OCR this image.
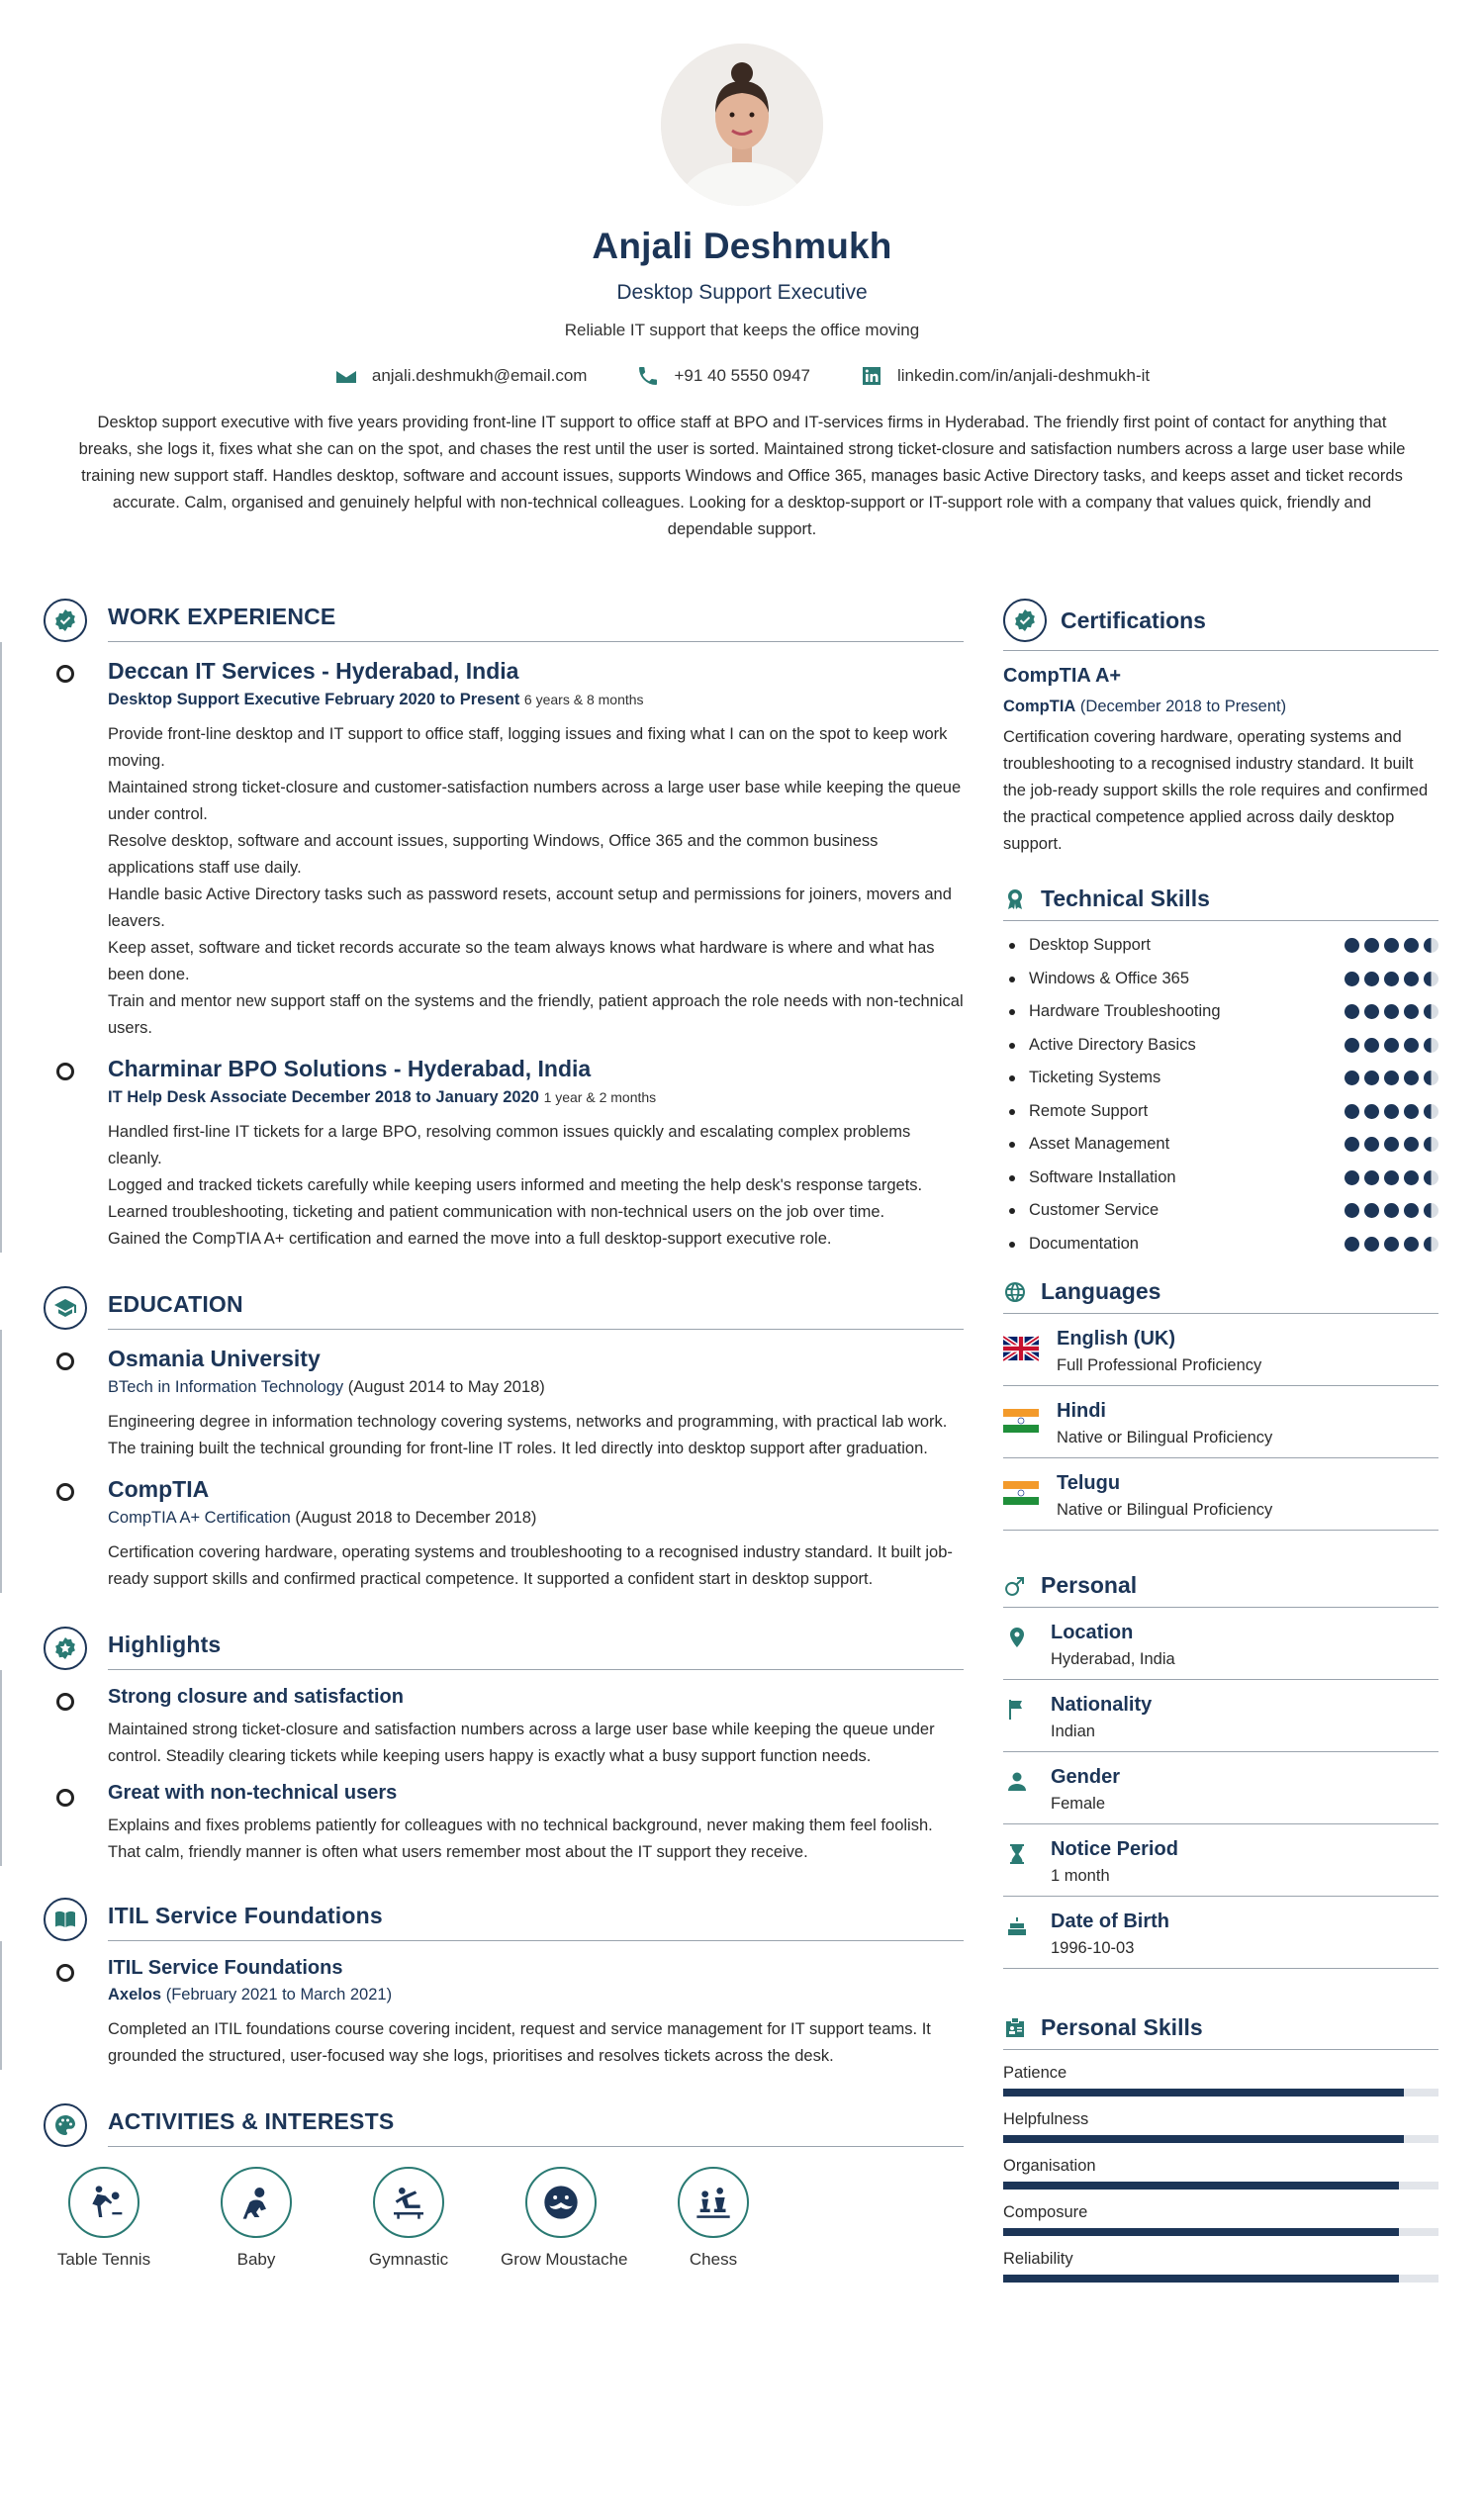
Anjali Deshmukh
Desktop Support Executive
Reliable IT support that keeps the office moving
anjali.deshmukh@email.com	+91 40 5550 0947	linkedin.com/in/anjali-deshmukh-it
Desktop support executive with five years providing front-line IT support to office staff at BPO and IT-services firms in Hyderabad. The friendly first point of contact for anything that breaks, she logs it, fixes what she can on the spot, and chases the rest until the user is sorted. Maintained strong ticket-closure and satisfaction numbers across a large user base while training new support staff. Handles desktop, software and account issues, supports Windows and Office 365, manages basic Active Directory tasks, and keeps asset and ticket records accurate. Calm, organised and genuinely helpful with non-technical colleagues. Looking for a desktop-support or IT-support role with a company that values quick, friendly and dependable support.
WORK EXPERIENCE
Deccan IT Services - Hyderabad, India
Desktop Support Executive February 2020 to Present 6 years & 8 months
Provide front-line desktop and IT support to office staff, logging issues and fixing what I can on the spot to keep work moving.
Maintained strong ticket-closure and customer-satisfaction numbers across a large user base while keeping the queue under control.
Resolve desktop, software and account issues, supporting Windows, Office 365 and the common business applications staff use daily.
Handle basic Active Directory tasks such as password resets, account setup and permissions for joiners, movers and leavers.
Keep asset, software and ticket records accurate so the team always knows what hardware is where and what has been done.
Train and mentor new support staff on the systems and the friendly, patient approach the role needs with non-technical users.
Charminar BPO Solutions - Hyderabad, India
IT Help Desk Associate December 2018 to January 2020 1 year & 2 months
Handled first-line IT tickets for a large BPO, resolving common issues quickly and escalating complex problems cleanly.
Logged and tracked tickets carefully while keeping users informed and meeting the help desk's response targets.
Learned troubleshooting, ticketing and patient communication with non-technical users on the job over time.
Gained the CompTIA A+ certification and earned the move into a full desktop-support executive role.
EDUCATION
Osmania University
BTech in Information Technology (August 2014 to May 2018)
Engineering degree in information technology covering systems, networks and programming, with practical lab work. The training built the technical grounding for front-line IT roles. It led directly into desktop support after graduation.
CompTIA
CompTIA A+ Certification (August 2018 to December 2018)
Certification covering hardware, operating systems and troubleshooting to a recognised industry standard. It built job-ready support skills and confirmed practical competence. It supported a confident start in desktop support.
Highlights
Strong closure and satisfaction
Maintained strong ticket-closure and satisfaction numbers across a large user base while keeping the queue under control. Steadily clearing tickets while keeping users happy is exactly what a busy support function needs.
Great with non-technical users
Explains and fixes problems patiently for colleagues with no technical background, never making them feel foolish. That calm, friendly manner is often what users remember most about the IT support they receive.
ITIL Service Foundations
ITIL Service Foundations
Axelos (February 2021 to March 2021)
Completed an ITIL foundations course covering incident, request and service management for IT support teams. It grounded the structured, user-focused way she logs, prioritises and resolves tickets across the desk.
ACTIVITIES & INTERESTS
Table Tennis	Baby	Gymnastic	Grow Moustache	Chess
Certifications
CompTIA A+
CompTIA (December 2018 to Present)
Certification covering hardware, operating systems and troubleshooting to a recognised industry standard. It built the job-ready support skills the role requires and confirmed the practical competence applied across daily desktop support.
Technical Skills
Desktop Support
Windows & Office 365
Hardware Troubleshooting
Active Directory Basics
Ticketing Systems
Remote Support
Asset Management
Software Installation
Customer Service
Documentation
Languages
English (UK)
Full Professional Proficiency
Hindi
Native or Bilingual Proficiency
Telugu
Native or Bilingual Proficiency
Personal
Location
Hyderabad, India
Nationality
Indian
Gender
Female
Notice Period
1 month
Date of Birth
1996-10-03
Personal Skills
Patience
Helpfulness
Organisation
Composure
Reliability
